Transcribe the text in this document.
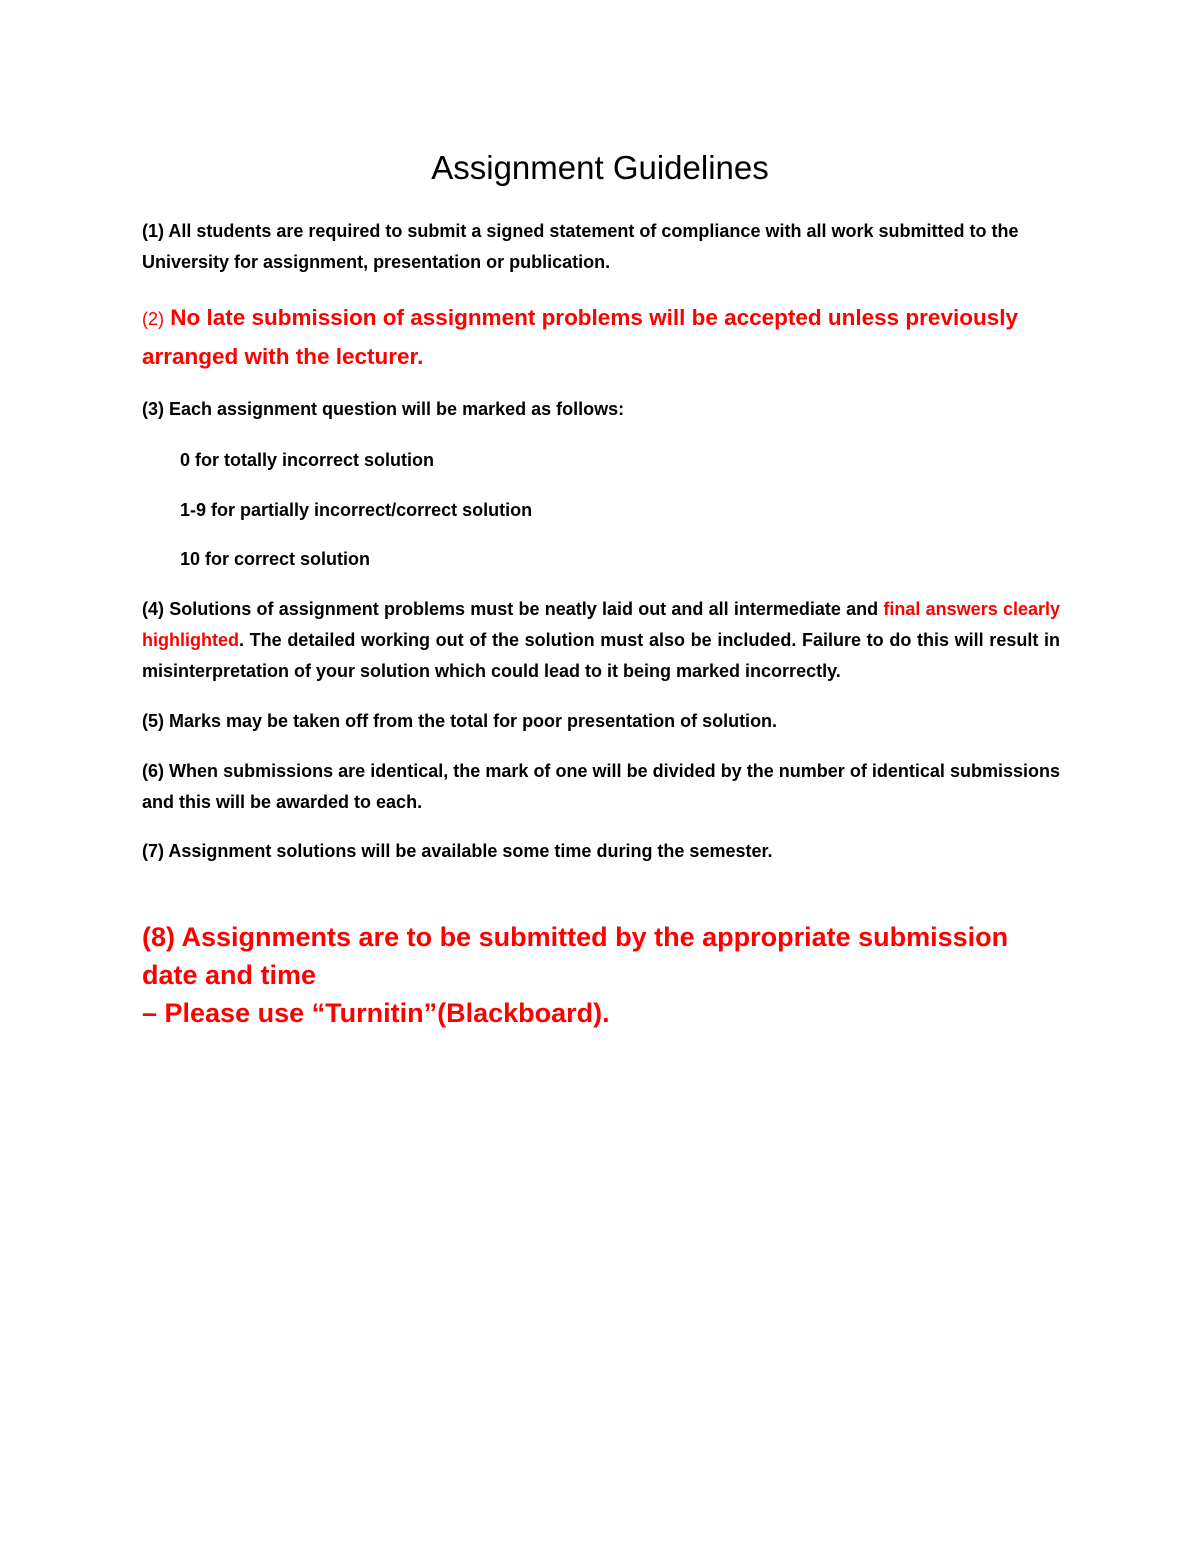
Assignment Guidelines

(1) All students are required to submit a signed statement of compliance with all work submitted to the University for assignment, presentation or publication.

(2) No late submission of assignment problems will be accepted unless previously arranged with the lecturer.

(3) Each assignment question will be marked as follows:

0 for totally incorrect solution

1-9 for partially incorrect/correct solution

10 for correct solution

(4) Solutions of assignment problems must be neatly laid out and all intermediate and final answers clearly highlighted. The detailed working out of the solution must also be included. Failure to do this will result in misinterpretation of your solution which could lead to it being marked incorrectly.

(5) Marks may be taken off from the total for poor presentation of solution.

(6) When submissions are identical, the mark of one will be divided by the number of identical submissions and this will be awarded to each.

(7) Assignment solutions will be available some time during the semester.

(8) Assignments are to be submitted by the appropriate submission date and time
– Please use “Turnitin”(Blackboard).
